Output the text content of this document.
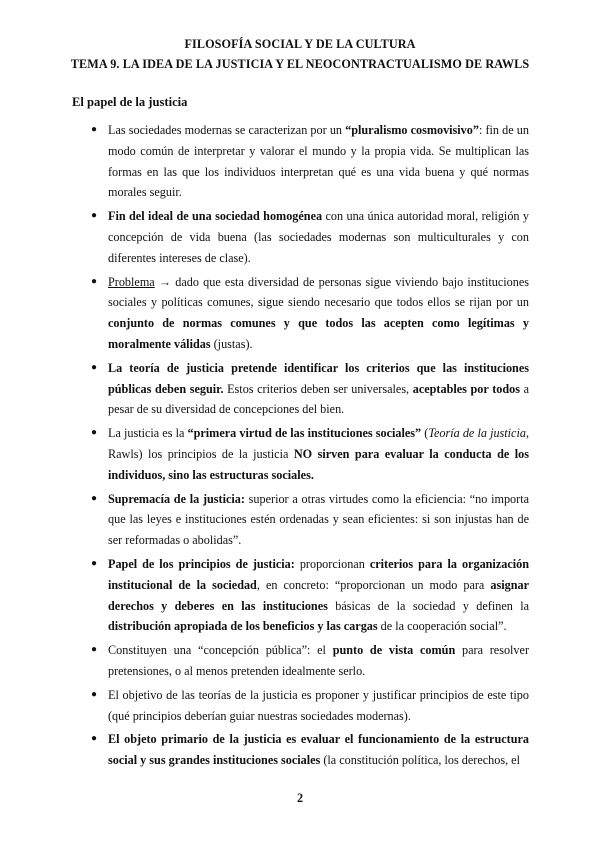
FILOSOFÍA SOCIAL Y DE LA CULTURA
TEMA 9. LA IDEA DE LA JUSTICIA Y EL NEOCONTRACTUALISMO DE RAWLS
El papel de la justicia
● Las sociedades modernas se caracterizan por un “pluralismo cosmovisivo”: fin de un modo común de interpretar y valorar el mundo y la propia vida. Se multiplican las formas en las que los individuos interpretan qué es una vida buena y qué normas morales seguir.
● Fin del ideal de una sociedad homogénea con una única autoridad moral, religión y concepción de vida buena (las sociedades modernas son multiculturales y con diferentes intereses de clase).
● Problema → dado que esta diversidad de personas sigue viviendo bajo instituciones sociales y políticas comunes, sigue siendo necesario que todos ellos se rijan por un conjunto de normas comunes y que todos las acepten como legítimas y moralmente válidas (justas).
● La teoría de justicia pretende identificar los criterios que las instituciones públicas deben seguir. Estos criterios deben ser universales, aceptables por todos a pesar de su diversidad de concepciones del bien.
● La justicia es la “primera virtud de las instituciones sociales” (Teoría de la justicia, Rawls) los principios de la justicia NO sirven para evaluar la conducta de los individuos, sino las estructuras sociales.
● Supremacía de la justicia: superior a otras virtudes como la eficiencia: “no importa que las leyes e instituciones estén ordenadas y sean eficientes: si son injustas han de ser reformadas o abolidas”.
● Papel de los principios de justicia: proporcionan criterios para la organización institucional de la sociedad, en concreto: “proporcionan un modo para asignar derechos y deberes en las instituciones básicas de la sociedad y definen la distribución apropiada de los beneficios y las cargas de la cooperación social”.
● Constituyen una “concepción pública”: el punto de vista común para resolver pretensiones, o al menos pretenden idealmente serlo.
● El objetivo de las teorías de la justicia es proponer y justificar principios de este tipo (qué principios deberían guiar nuestras sociedades modernas).
● El objeto primario de la justicia es evaluar el funcionamiento de la estructura social y sus grandes instituciones sociales (la constitución política, los derechos, el
2
